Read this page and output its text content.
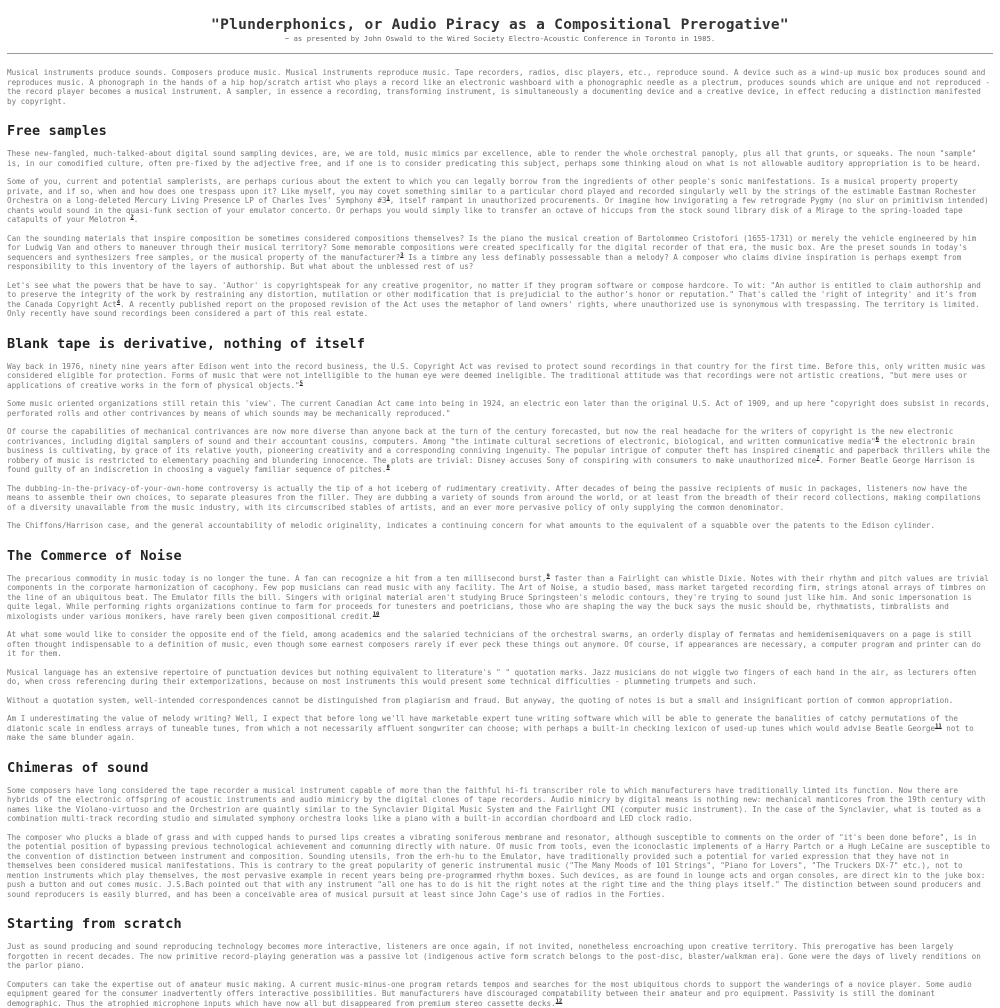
"Plunderphonics, or Audio Piracy as a Compositional Prerogative"
~ as presented by John Oswald to the Wired Society Electro-Acoustic Conference in Toronto in 1985.

Musical instruments produce sounds. Composers produce music. Musical instruments reproduce music. Tape recorders, radios, disc players, etc., reproduce sound. A device such as a wind-up music box produces sound and reproduces music. A phonograph in the hands of a hip hop/scratch artist who plays a record like an electronic washboard with a phonographic needle as a plectrum, produces sounds which are unique and not reproduced - the record player becomes a musical instrument. A sampler, in essence a recording, transforming instrument, is simultaneously a documenting device and a creative device, in effect reducing a distinction manifested by copyright.

Free samples

These new-fangled, much-talked-about digital sound sampling devices, are, we are told, music mimics par excellence, able to render the whole orchestral panoply, plus all that grunts, or squeaks. The noun "sample" is, in our comodified culture, often pre-fixed by the adjective free, and if one is to consider predicating this subject, perhaps some thinking aloud on what is not allowable auditory appropriation is to be heard.

Some of you, current and potential samplerists, are perhaps curious about the extent to which you can legally borrow from the ingredients of other people's sonic manifestations. Is a musical property property private, and if so, when and how does one trespass upon it? Like myself, you may covet something similar to a particular chord played and recorded singularly well by the strings of the estimable Eastman Rochester Orchestra on a long-deleted Mercury Living Presence LP of Charles Ives' Symphony $\#3^1$, itself rampant in unauthorized procurements. Or imagine how invigorating a few retrograde Pygmy (no slur on primitivism intended) chants would sound in the quasi-funk section of your emulator concerto. Or perhaps you would simply like to transfer an octave of hiccups from the stock sound library disk of a Mirage to the spring-loaded tape catapults of your Melotron $^2$.

Can the sounding materials that inspire composition be sometimes considered compositions themselves? Is the piano the musical creation of Bartolommeo Cristofori (1655-1731) or merely the vehicle engineered by him for Ludwig Van and others to maneuver through their musical territory? Some memorable compositions were created specifically for the digital recorder of that era, the music box. Are the preset sounds in today's sequencers and synthesizers free samples, or the musical property of the manufacturer?$^3$ Is a timbre any less definably possessable than a melody? A composer who claims divine inspiration is perhaps exempt from responsibility to this inventory of the layers of authorship. But what about the unblessed rest of us?

Let's see what the powers that be have to say. 'Author' is copyrightspeak for any creative progenitor, no matter if they program software or compose hardcore. To wit: "An author is entitled to claim authorship and to preserve the integrity of the work by restraining any distortion, mutilation or other modification that is prejudicial to the author's honor or reputation." That's called the 'right of integrity' and it's from the Canada Copyright Act$^4$. A recently published report on the proposed revision of the Act uses the metaphor of land owners' rights, where unauthorized use is synonymous with trespassing. The territory is limited. Only recently have sound recordings been considered a part of this real estate.

Blank tape is derivative, nothing of itself

Way back in 1976, ninety nine years after Edison went into the record business, the U.S. Copyright Act was revised to protect sound recordings in that country for the first time. Before this, only written music was considered eligible for protection. Forms of music that were not intelligible to the human eye were deemed ineligible. The traditional attitude was that recordings were not artistic creations, "but mere uses or applications of creative works in the form of physical objects."$^5$

Some music oriented organizations still retain this 'view'. The current Canadian Act came into being in 1924, an electric eon later than the original U.S. Act of 1909, and up here "copyright does subsist in records, perforated rolls and other contrivances by means of which sounds may be mechanically reproduced."

Of course the capabilities of mechanical contrivances are now more diverse than anyone back at the turn of the century forecasted, but now the real headache for the writers of copyright is the new electronic contrivances, including digital samplers of sound and their accountant cousins, computers. Among "the intimate cultural secretions of electronic, biological, and written communicative media"$^6$ the electronic brain business is cultivating, by grace of its relative youth, pioneering creativity and a corresponding conniving ingenuity. The popular intrigue of computer theft has inspired cinematic and paperback thrillers while the robbery of music is restricted to elementary poaching and blundering innocence. The plots are trivial: Disney accuses Sony of conspiring with consumers to make unauthorized mice$^7$. Former Beatle George Harrison is found guilty of an indiscretion in choosing a vaguely familiar sequence of pitches.$^8$

The dubbing-in-the-privacy-of-your-own-home controversy is actually the tip of a hot iceberg of rudimentary creativity. After decades of being the passive recipients of music in packages, listeners now have the means to assemble their own choices, to separate pleasures from the filler. They are dubbing a variety of sounds from around the world, or at least from the breadth of their record collections, making compilations of a diversity unavailable from the music industry, with its circumscribed stables of artists, and an ever more pervasive policy of only supplying the common denominator.

The Chiffons/Harrison case, and the general accountability of melodic originality, indicates a continuing concern for what amounts to the equivalent of a squabble over the patents to the Edison cylinder.

The Commerce of Noise

The precarious commodity in music today is no longer the tune. A fan can recognize a hit from a ten millisecond burst,$^9$ faster than a Fairlight can whistle Dixie. Notes with their rhythm and pitch values are trivial components in the corporate harmonization of cacophony. Few pop musicians can read music with any facility. The Art of Noise, a studio based, mass market targeted recording firm, strings atonal arrays of timbres on the line of an ubiquitous beat. The Emulator fills the bill. Singers with original material aren't studying Bruce Springsteen's melodic contours, they're trying to sound just like him. And sonic impersonation is quite legal. While performing rights organizations continue to farm for proceeds for tunesters and poetricians, those who are shaping the way the buck says the music should be, rhythmatists, timbralists and mixologists under various monikers, have rarely been given compositional credit.$^{10}$

At what some would like to consider the opposite end of the field, among academics and the salaried technicians of the orchestral swarms, an orderly display of fermatas and hemidemisemiquavers on a page is still often thought indispensable to a definition of music, even though some earnest composers rarely if ever peck these things out anymore. Of course, if appearances are necessary, a computer program and printer can do it for them.

Musical language has an extensive repertoire of punctuation devices but nothing equivalent to literature's " " quotation marks. Jazz musicians do not wiggle two fingers of each hand in the air, as lecturers often do, when cross referencing during their extemporizations, because on most instruments this would present some technical difficulties - plummeting trumpets and such.

Without a quotation system, well-intended correspondences cannot be distinguished from plagiarism and fraud. But anyway, the quoting of notes is but a small and insignificant portion of common appropriation.

Am I underestimating the value of melody writing? Well, I expect that before long we'll have marketable expert tune writing software which will be able to generate the banalities of catchy permutations of the diatonic scale in endless arrays of tuneable tunes, from which a not necessarily affluent songwriter can choose; with perhaps a built-in checking lexicon of used-up tunes which would advise Beatle George$^{11}$ not to make the same blunder again.

Chimeras of sound

Some composers have long considered the tape recorder a musical instrument capable of more than the faithful hi-fi transcriber role to which manufacturers have traditionally limted its function. Now there are hybrids of the electronic offspring of acoustic instruments and audio mimicry by the digital clones of tape recorders. Audio mimicry by digital means is nothing new: mechanical manticores from the 19th century with names like the Violano-virtuoso and the Orchestrion are quaintly similar to the Synclavier Digital Music System and the Fairlight CMI (computer music instrument). In the case of the Synclavier, what is touted as a combination multi-track recording studio and simulated symphony orchestra looks like a piano with a built-in accordian chordboard and LED clock radio.

The composer who plucks a blade of grass and with cupped hands to pursed lips creates a vibrating soniferous membrane and resonator, although susceptible to comments on the order of "it's been done before", is in the potential position of bypassing previous technological achievement and comunning directly with nature. Of music from tools, even the iconoclastic implements of a Harry Partch or a Hugh LeCaine are susceptible to the convention of distinction between instrument and composition. Sounding utensils, from the erh-hu to the Emulator, have traditionally provided such a potential for varied expression that they have not in themselves been considered musical manifestations. This is contrary to the great popularity of generic instrumental music ("The Many Moods of 101 Strings", "Piano for Lovers", "The Truckers DX-7" etc.), not to mention instruments which play themselves, the most pervasive example in recent years being pre-programmed rhythm boxes. Such devices, as are found in lounge acts and organ consoles, are direct kin to the juke box: push a button and out comes music. J.S.Bach pointed out that with any instrument "all one has to do is hit the right notes at the right time and the thing plays itself." The distinction between sound producers and sound reproducers is easily blurred, and has been a conceivable area of musical pursuit at least since John Cage's use of radios in the Forties.

Starting from scratch

Just as sound producing and sound reproducing technology becomes more interactive, listeners are once again, if not invited, nonetheless encroaching upon creative territory. This prerogative has been largely forgotten in recent decades. The now primitive record-playing generation was a passive lot (indigenous active form scratch belongs to the post-disc, blaster/walkman era). Gone were the days of lively renditions on the parlor piano.

Computers can take the expertise out of amateur music making. A current music-minus-one program retards tempos and searches for the most ubiquitous chords to support the wanderings of a novice player. Some audio equipment geared for the consumer inadvertently offers interactive possibilities. But manufacturers have discouraged compatability between their amateur and pro equipment. Passivity is still the dominant demographic. Thus the atrophied microphone inputs which have now all but disappeared from premium stereo cassette decks.$^{12}$
